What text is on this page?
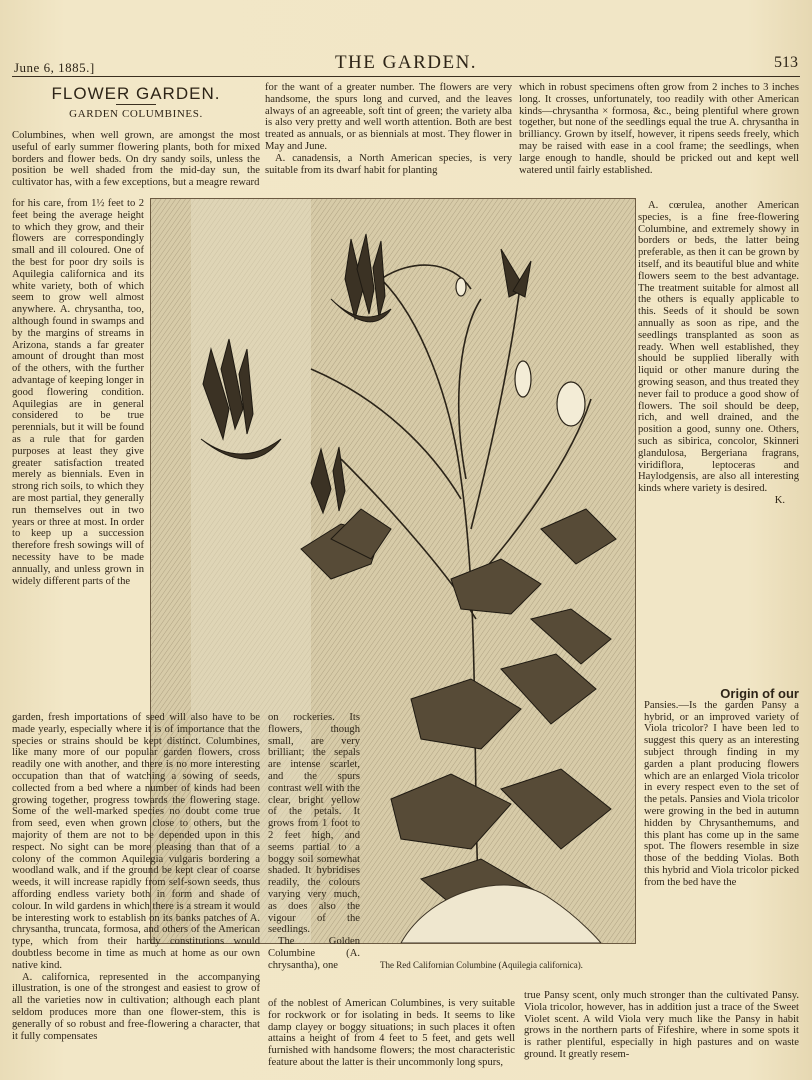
June 6, 1885.]	THE GARDEN.	513
FLOWER GARDEN.
GARDEN COLUMBINES.

Columbines, when well grown, are amongst the most useful of early summer flowering plants, both for mixed borders and flower beds. On dry sandy soils, unless the position be well shaded from the mid-day sun, the cultivator has, with a few exceptions, but a meagre reward

for his care, from 1½ feet to 2 feet being the average height to which they grow, and their flowers are correspondingly small and ill coloured. One of the best for poor dry soils is Aquilegia californica and its white variety, both of which seem to grow well almost anywhere. A. chrysantha, too, although found in swamps and by the margins of streams in Arizona, stands a far greater amount of drought than most of the others, with the further advantage of keeping longer in good flowering condition. Aquilegias are in general considered to be true perennials, but it will be found as a rule that for garden purposes at least they give greater satisfaction treated merely as biennials. Even in strong rich soils, to which they are most partial, they generally run themselves out in two years or three at most. In order to keep up a succession therefore fresh sowings will of necessity have to be made annually, and unless grown in widely different parts of the

for the want of a greater number. The flowers are very handsome, the spurs long and curved, and the leaves always of an agreeable, soft tint of green; the variety alba is also very pretty and well worth attention. Both are best treated as annuals, or as biennials at most. They flower in May and June.

A. canadensis, a North American species, is very suitable from its dwarf habit for planting

which in robust specimens often grow from 2 inches to 3 inches long. It crosses, unfortunately, too readily with other American kinds—chrysantha × formosa, &c., being plentiful where grown together, but none of the seedlings equal the true A. chrysantha in brilliancy. Grown by itself, however, it ripens seeds freely, which may be raised with ease in a cool frame; the seedlings, when large enough to handle, should be pricked out and kept well watered until fairly established.

A. cœrulea, another American species, is a fine free-flowering Columbine, and extremely showy in borders or beds, the latter being preferable, as then it can be grown by itself, and its beautiful blue and white flowers seem to the best advantage. The treatment suitable for almost all the others is equally applicable to this. Seeds of it should be sown annually as soon as ripe, and the seedlings transplanted as soon as ready. When well established, they should be supplied liberally with liquid or other manure during the growing season, and thus treated they never fail to produce a good show of flowers. The soil should be deep, rich, and well drained, and the position a good, sunny one. Others, such as sibirica, concolor, Skinneri glandulosa, Bergeriana fragrans, viridiflora, leptoceras and Haylodgensis, are also all interesting kinds where variety is desired.

K.
Origin of our

Pansies.—Is the garden Pansy a hybrid, or an improved variety of Viola tricolor? I have been led to suggest this query as an interesting subject through finding in my garden a plant producing flowers which are an enlarged Viola tricolor in every respect even to the set of the petals. Pansies and Viola tricolor were growing in the bed in autumn hidden by Chrysanthemums, and this plant has come up in the same spot. The flowers resemble in size those of the bedding Violas. Both this hybrid and Viola tricolor picked from the bed have the

garden, fresh importations of seed will also have to be made yearly, especially where it is of importance that the species or strains should be kept distinct. Columbines, like many more of our popular garden flowers, cross readily one with another, and there is no more interesting occupation than that of watching a sowing of seeds, collected from a bed where a number of kinds had been growing together, progress towards the flowering stage. Some of the well-marked species no doubt come true from seed, even when grown close to others, but the majority of them are not to be depended upon in this respect. No sight can be more pleasing than that of a colony of the common Aquilegia vulgaris bordering a woodland walk, and if the ground be kept clear of coarse weeds, it will increase rapidly from self-sown seeds, thus affording endless variety both in form and shade of colour. In wild gardens in which there is a stream it would be interesting work to establish on its banks patches of A. chrysantha, truncata, formosa, and others of the American type, which from their hardy constitutions would doubtless become in time as much at home as our own native kind.

A. californica, represented in the accompanying illustration, is one of the strongest and easiest to grow of all the varieties now in cultivation; although each plant seldom produces more than one flower-stem, this is generally of so robust and free-flowering a character, that it fully compensates

on rockeries. Its flowers, though small, are very brilliant; the sepals are intense scarlet, and the spurs contrast well with the clear, bright yellow of the petals. It grows from 1 foot to 2 feet high, and seems partial to a boggy soil somewhat shaded. It hybridises readily, the colours varying very much, as does also the vigour of the seedlings.

The Golden Columbine (A. chrysantha), one	The Red Californian Columbine (Aquilegia californica).

of the noblest of American Columbines, is very suitable for rockwork or for isolating in beds. It seems to like damp clayey or boggy situations; in such places it often attains a height of from 4 feet to 5 feet, and gets well furnished with handsome flowers; the most characteristic feature about the latter is their uncommonly long spurs,

true Pansy scent, only much stronger than the cultivated Pansy. Viola tricolor, however, has in addition just a trace of the Sweet Violet scent. A wild Viola very much like the Pansy in habit grows in the northern parts of Fifeshire, where in some spots it is rather plentiful, especially in high pastures and on waste ground. It greatly resem-
